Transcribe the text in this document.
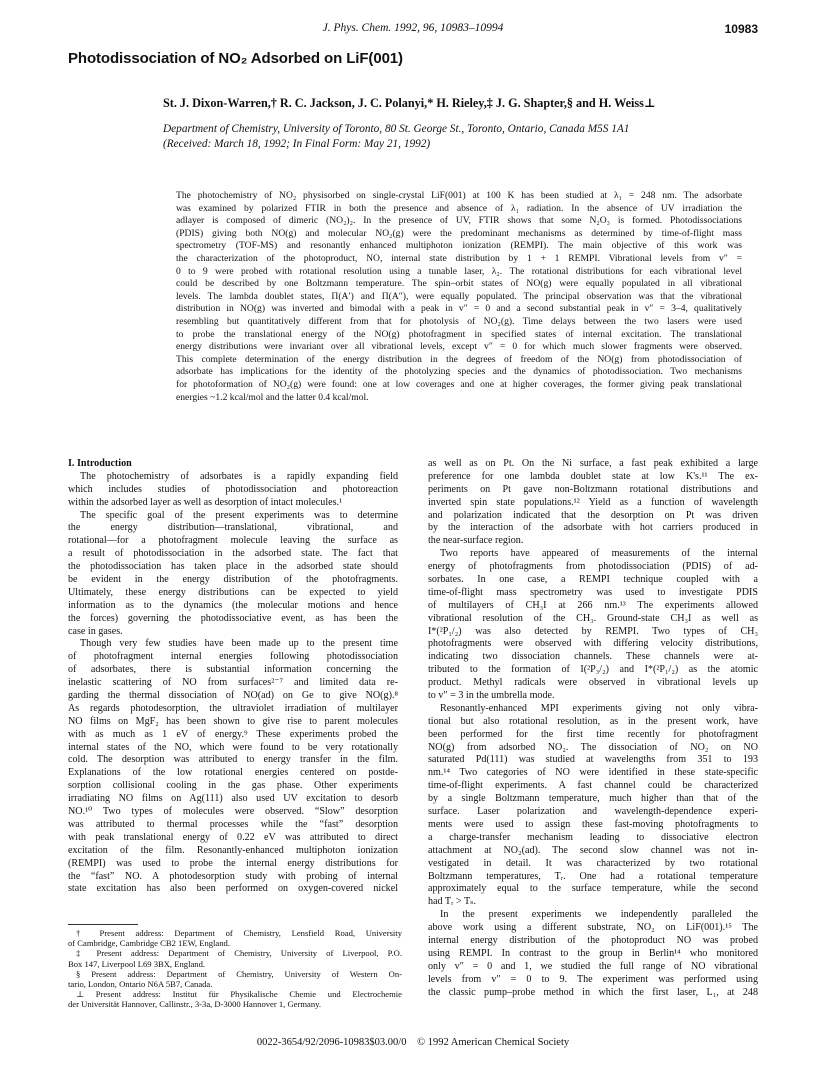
J. Phys. Chem. 1992, 96, 10983–10994	10983
Photodissociation of NO₂ Adsorbed on LiF(001)
St. J. Dixon-Warren,† R. C. Jackson, J. C. Polanyi,* H. Rieley,‡ J. G. Shapter,§ and H. Weiss⊥
Department of Chemistry, University of Toronto, 80 St. George St., Toronto, Ontario, Canada M5S 1A1
(Received: March 18, 1992; In Final Form: May 21, 1992)
The photochemistry of NO₂ physisorbed on single-crystal LiF(001) at 100 K has been studied at λ₁ = 248 nm. The adsorbate
was examined by polarized FTIR in both the presence and absence of λ₁ radiation. In the absence of UV irradiation the
adlayer is composed of dimeric (NO₂)₂. In the presence of UV, FTIR shows that some N₂O₃ is formed. Photodissociations
(PDIS) giving both NO(g) and molecular NO₂(g) were the predominant mechanisms as determined by time-of-flight mass
spectrometry (TOF-MS) and resonantly enhanced multiphoton ionization (REMPI). The main objective of this work was
the characterization of the photoproduct, NO, internal state distribution by 1 + 1 REMPI. Vibrational levels from v″ =
0 to 9 were probed with rotational resolution using a tunable laser, λ₂. The rotational distributions for each vibrational level
could be described by one Boltzmann temperature. The spin–orbit states of NO(g) were equally populated in all vibrational
levels. The lambda doublet states, Π(A′) and Π(A″), were equally populated. The principal observation was that the vibrational
distribution in NO(g) was inverted and bimodal with a peak in v″ = 0 and a second substantial peak in v″ = 3–4, qualitatively
resembling but quantitatively different from that for photolysis of NO₂(g). Time delays between the two lasers were used
to probe the translational energy of the NO(g) photofragment in specified states of internal excitation. The translational
energy distributions were invariant over all vibrational levels, except v″ = 0 for which much slower fragments were observed.
This complete determination of the energy distribution in the degrees of freedom of the NO(g) from photodissociation of
adsorbate has implications for the identity of the photolyzing species and the dynamics of photodissociation. Two mechanisms
for photoformation of NO₂(g) were found: one at low coverages and one at higher coverages, the former giving peak translational
energies ~1.2 kcal/mol and the latter 0.4 kcal/mol.
I. Introduction
The photochemistry of adsorbates is a rapidly expanding field
which includes studies of photodissociation and photoreaction
within the adsorbed layer as well as desorption of intact molecules.¹
The specific goal of the present experiments was to determine
the energy distribution—translational, vibrational, and
rotational—for a photofragment molecule leaving the surface as
a result of photodissociation in the adsorbed state. The fact that
the photodissociation has taken place in the adsorbed state should
be evident in the energy distribution of the photofragments.
Ultimately, these energy distributions can be expected to yield
information as to the dynamics (the molecular motions and hence
the forces) governing the photodissociative event, as has been the
case in gases.
Though very few studies have been made up to the present time
of photofragment internal energies following photodissociation
of adsorbates, there is substantial information concerning the
inelastic scattering of NO from surfaces²⁻⁷ and limited data re-
garding the thermal dissociation of NO(ad) on Ge to give NO(g).⁸
As regards photodesorption, the ultraviolet irradiation of multilayer
NO films on MgF₂ has been shown to give rise to parent molecules
with as much as 1 eV of energy.⁹ These experiments probed the
internal states of the NO, which were found to be very rotationally
cold. The desorption was attributed to energy transfer in the film.
Explanations of the low rotational energies centered on postde-
sorption collisional cooling in the gas phase. Other experiments
irradiating NO films on Ag(111) also used UV excitation to desorb
NO.¹⁰ Two types of molecules were observed. “Slow” desorption
was attributed to thermal processes while the “fast” desorption
with peak translational energy of 0.22 eV was attributed to direct
excitation of the film. Resonantly-enhanced multiphoton ionization
(REMPI) was used to probe the internal energy distributions for
the “fast” NO. A photodesorption study with probing of internal
state excitation has also been performed on oxygen-covered nickel
as well as on Pt. On the Ni surface, a fast peak exhibited a large
preference for one lambda doublet state at low K's.¹¹ The ex-
periments on Pt gave non-Boltzmann rotational distributions and
inverted spin state populations.¹² Yield as a function of wavelength
and polarization indicated that the desorption on Pt was driven
by the interaction of the adsorbate with hot carriers produced in
the near-surface region.
Two reports have appeared of measurements of the internal
energy of photofragments from photodissociation (PDIS) of ad-
sorbates. In one case, a REMPI technique coupled with a
time-of-flight mass spectrometry was used to investigate PDIS
of multilayers of CH₃I at 266 nm.¹³ The experiments allowed
vibrational resolution of the CH₃. Ground-state CH₃I as well as
I*(²P₁/₂) was also detected by REMPI. Two types of CH₃
photofragments were observed with differing velocity distributions,
indicating two dissociation channels. These channels were at-
tributed to the formation of I(²P₃/₂) and I*(²P₁/₂) as the atomic
product. Methyl radicals were observed in vibrational levels up
to v″ = 3 in the umbrella mode.
Resonantly-enhanced MPI experiments giving not only vibra-
tional but also rotational resolution, as in the present work, have
been performed for the first time recently for photofragment
NO(g) from adsorbed NO₂. The dissociation of NO₂ on NO
saturated Pd(111) was studied at wavelengths from 351 to 193
nm.¹⁴ Two categories of NO were identified in these state-specific
time-of-flight experiments. A fast channel could be characterized
by a single Boltzmann temperature, much higher than that of the
surface. Laser polarization and wavelength-dependence experi-
ments were used to assign these fast-moving photofragments to
a charge-transfer mechanism leading to dissociative electron
attachment at NO₂(ad). The second slow channel was not in-
vestigated in detail. It was characterized by two rotational
Boltzmann temperatures, Tᵣ. One had a rotational temperature
approximately equal to the surface temperature, while the second
had Tᵣ > Tₛ.
In the present experiments we independently paralleled the
above work using a different substrate, NO₂ on LiF(001).¹⁵ The
internal energy distribution of the photoproduct NO was probed
using REMPI. In contrast to the group in Berlin¹⁴ who monitored
only v″ = 0 and 1, we studied the full range of NO vibrational
levels from v″ = 0 to 9. The experiment was performed using
the classic pump–probe method in which the first laser, L₁, at 248
† Present address: Department of Chemistry, Lensfield Road, University
of Cambridge, Cambridge CB2 1EW, England.
‡ Present address: Department of Chemistry, University of Liverpool, P.O.
Box 147, Liverpool L69 3BX, England.
§ Present address: Department of Chemistry, University of Western On-
tario, London, Ontario N6A 5B7, Canada.
⊥ Present address: Institut für Physikalische Chemie und Electrochemie
der Universität Hannover, Callinstr., 3-3a, D-3000 Hannover 1, Germany.
0022-3654/92/2096-10983$03.00/0 © 1992 American Chemical Society
